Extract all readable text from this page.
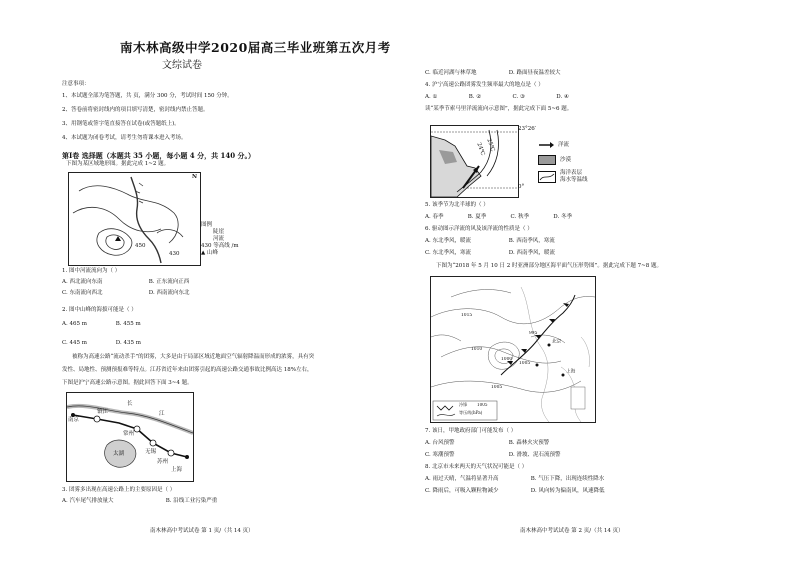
南木林高级中学2020届高三毕业班第五次月考
文综试卷
注意事项：
1、本试题全部为笔答题，共 页，满分 300 分，考试时间 150 分钟。
2、答卷前将密封线内的项目填写清楚，密封线内禁止答题。
3、用钢笔或签字笔直接答在试卷(或答题纸上)。
4、本试题为闭卷考试，请考生勿将课本进入考场。
第Ⅰ卷 选择题（本题共 35 小题，每小题 4 分，共 140 分。）
下图为某区域地形图。据此完成 1~2 题。
N
450
430
图例
陡崖
河流
430 等高线 /m
▲ 山峰
1. 图中河流流向为（ ）
A. 西北流向东南	B. 正东流向正西
C. 东南流向西北	D. 西南流向东北
2. 图中山峰的海拔可能是（ ）
A. 465 m	B. 455 m
C. 445 m	D. 435 m
被称为高速公路“流动杀手”的团雾，大多是由于局部区域近地面空气辐射降温而形成的浓雾，具有突
发性、局地性、预测预报难等特点。江苏省近年来由团雾引起的高速公路交通事故比例高达 18%左右，
下图是沪宁高速公路示意图。据此回答下面 3~4 题。
南京
镇江
常州
无锡
苏州
上海
太湖
长
江
3. 团雾多出现在高速公路上的主要原因是（ ）
A. 汽车尾气排放量大	B. 沿线工业污染严重
南木林高中考试试卷 第 1 页/（共 14 页）
C. 临近河湖与林草地	D. 路面昼夜温差较大
4. 沪宁高速公路团雾发生频率最大的地点是（ ）
A. ①	B. ②	C. ③	D. ④
读“某季节索马里洋流流向示意图”，据此完成下面 5~6 题。
24℃ 25℃
23°26′
0°
洋流
沙漠
海洋表层
海水等温线
5. 该季节为北半球的（ ）
A. 春季	B. 夏季	C. 秋季	D. 冬季
6. 驱动图示洋流的风及该洋流的性质是（ ）
A. 东北季风，暖流	B. 西南季风，寒流
C. 东北季风，寒流	D. 西南季风，暖流
下图为“2018 年 5 月 10 日 2 时亚洲部分地区海平面气压形势图”。据此完成下题 7~8 题。
北京
上海
1015
1010
1005
1000
995
1005
冷锋
等压线(hPa)
1005
7. 该日，甲地政府部门可能发布（ ）
A. 台风预警	B. 森林火灾预警
C. 寒潮预警	D. 滑坡、泥石流预警
8. 北京市未来两天的天气状况可能是（ ）
A. 雨过天晴，气温将显著升高	B. 气压下降，出现连续性降水
C. 降雨后，可吸入颗粒物减少	D. 风向转为偏南风，风速降低
南木林高中考试试卷 第 2 页/（共 14 页）
